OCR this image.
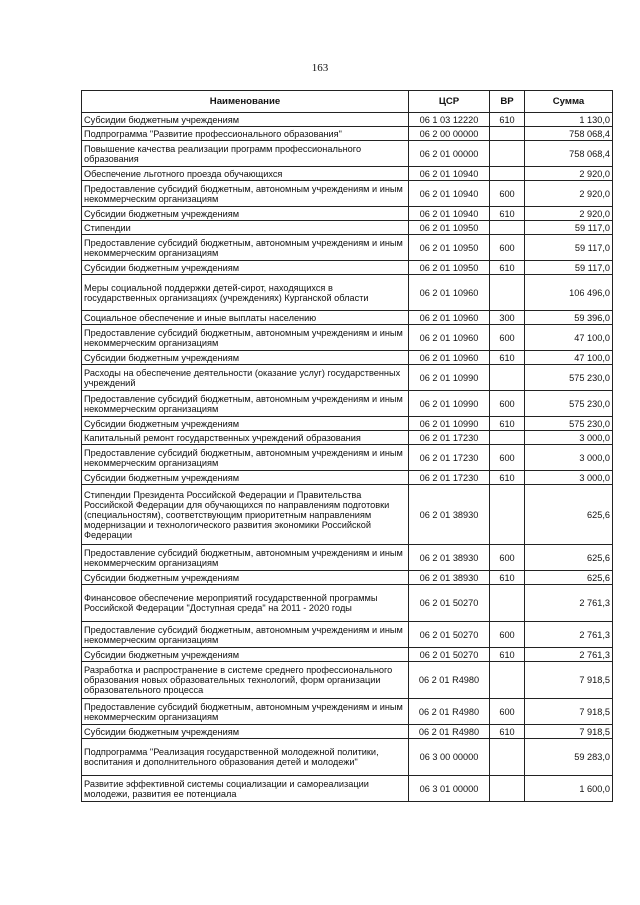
163
Наименование	ЦСР	ВР	Сумма
Субсидии бюджетным учреждениям	06 1 03 12220	610	1 130,0
Подпрограмма "Развитие профессионального образования"	06 2 00 00000		758 068,4
Повышение качества реализации программ профессионального образования	06 2 01 00000		758 068,4
Обеспечение льготного проезда обучающихся	06 2 01 10940		2 920,0
Предоставление субсидий бюджетным, автономным учреждениям и иным некоммерческим организациям	06 2 01 10940	600	2 920,0
Субсидии бюджетным учреждениям	06 2 01 10940	610	2 920,0
Стипендии	06 2 01 10950		59 117,0
Предоставление субсидий бюджетным, автономным учреждениям и иным некоммерческим организациям	06 2 01 10950	600	59 117,0
Субсидии бюджетным учреждениям	06 2 01 10950	610	59 117,0
Меры социальной поддержки детей-сирот, находящихся в государственных организациях (учреждениях) Курганской области	06 2 01 10960		106 496,0
Социальное обеспечение и иные выплаты населению	06 2 01 10960	300	59 396,0
Предоставление субсидий бюджетным, автономным учреждениям и иным некоммерческим организациям	06 2 01 10960	600	47 100,0
Субсидии бюджетным учреждениям	06 2 01 10960	610	47 100,0
Расходы на обеспечение деятельности (оказание услуг) государственных учреждений	06 2 01 10990		575 230,0
Предоставление субсидий бюджетным, автономным учреждениям и иным некоммерческим организациям	06 2 01 10990	600	575 230,0
Субсидии бюджетным учреждениям	06 2 01 10990	610	575 230,0
Капитальный ремонт государственных учреждений образования	06 2 01 17230		3 000,0
Предоставление субсидий бюджетным, автономным учреждениям и иным некоммерческим организациям	06 2 01 17230	600	3 000,0
Субсидии бюджетным учреждениям	06 2 01 17230	610	3 000,0
Стипендии Президента Российской Федерации и Правительства Российской Федерации для обучающихся по направлениям подготовки (специальностям), соответствующим приоритетным направлениям модернизации и технологического развития экономики Российской Федерации	06 2 01 38930		625,6
Предоставление субсидий бюджетным, автономным учреждениям и иным некоммерческим организациям	06 2 01 38930	600	625,6
Субсидии бюджетным учреждениям	06 2 01 38930	610	625,6
Финансовое обеспечение мероприятий государственной программы Российской Федерации "Доступная среда" на 2011 - 2020 годы	06 2 01 50270		2 761,3
Предоставление субсидий бюджетным, автономным учреждениям и иным некоммерческим организациям	06 2 01 50270	600	2 761,3
Субсидии бюджетным учреждениям	06 2 01 50270	610	2 761,3
Разработка и распространение в системе среднего профессионального образования новых образовательных технологий, форм организации образовательного процесса	06 2 01 R4980		7 918,5
Предоставление субсидий бюджетным, автономным учреждениям и иным некоммерческим организациям	06 2 01 R4980	600	7 918,5
Субсидии бюджетным учреждениям	06 2 01 R4980	610	7 918,5
Подпрограмма "Реализация государственной молодежной политики, воспитания и дополнительного образования детей и молодежи"	06 3 00 00000		59 283,0
Развитие эффективной системы социализации и самореализации молодежи, развития ее потенциала	06 3 01 00000		1 600,0
